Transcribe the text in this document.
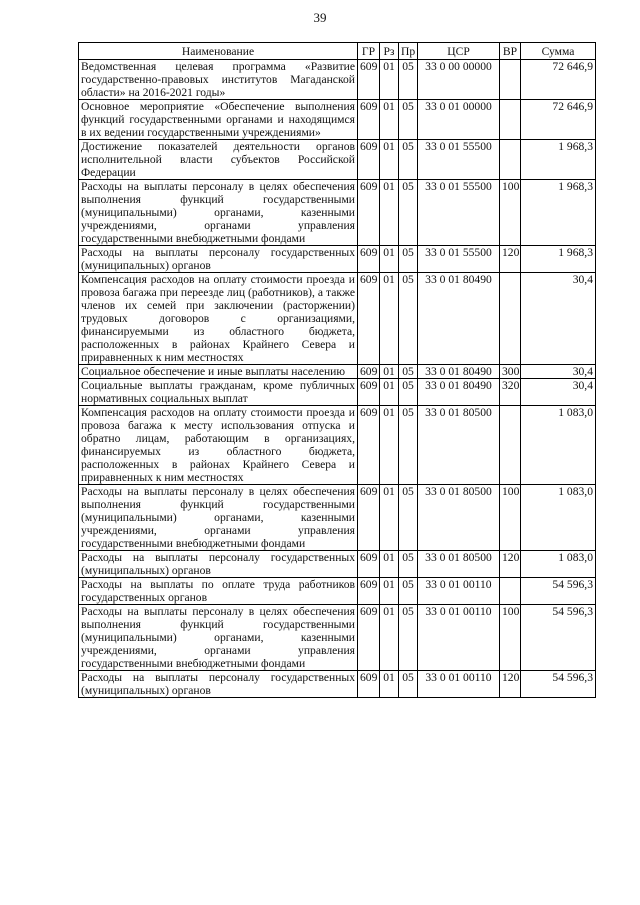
39
Наименование	ГР	Рз	Пр	ЦСР	ВР	Сумма
Ведомственная целевая программа «Развитие государственно-правовых институтов Магаданской области» на 2016-2021 годы»	609	01	05	33 0 00 00000		72 646,9
Основное мероприятие «Обеспечение выполнения функций государственными органами и находящимся в их ведении государственными учреждениями»	609	01	05	33 0 01 00000		72 646,9
Достижение показателей деятельности органов исполнительной власти субъектов Российской Федерации	609	01	05	33 0 01 55500		1 968,3
Расходы на выплаты персоналу в целях обеспечения выполнения функций государственными (муниципальными) органами, казенными учреждениями, органами управления государственными внебюджетными фондами	609	01	05	33 0 01 55500	100	1 968,3
Расходы на выплаты персоналу государственных (муниципальных) органов	609	01	05	33 0 01 55500	120	1 968,3
Компенсация расходов на оплату стоимости проезда и провоза багажа при переезде лиц (работников), а также членов их семей при заключении (расторжении) трудовых договоров с организациями, финансируемыми из областного бюджета, расположенных в районах Крайнего Севера и приравненных к ним местностях	609	01	05	33 0 01 80490		30,4
Социальное обеспечение и иные выплаты населению	609	01	05	33 0 01 80490	300	30,4
Социальные выплаты гражданам, кроме публичных нормативных социальных выплат	609	01	05	33 0 01 80490	320	30,4
Компенсация расходов на оплату стоимости проезда и провоза багажа к месту использования отпуска и обратно лицам, работающим в организациях, финансируемых из областного бюджета, расположенных в районах Крайнего Севера и приравненных к ним местностях	609	01	05	33 0 01 80500		1 083,0
Расходы на выплаты персоналу в целях обеспечения выполнения функций государственными (муниципальными) органами, казенными учреждениями, органами управления государственными внебюджетными фондами	609	01	05	33 0 01 80500	100	1 083,0
Расходы на выплаты персоналу государственных (муниципальных) органов	609	01	05	33 0 01 80500	120	1 083,0
Расходы на выплаты по оплате труда работников государственных органов	609	01	05	33 0 01 00110		54 596,3
Расходы на выплаты персоналу в целях обеспечения выполнения функций государственными (муниципальными) органами, казенными учреждениями, органами управления государственными внебюджетными фондами	609	01	05	33 0 01 00110	100	54 596,3
Расходы на выплаты персоналу государственных (муниципальных) органов	609	01	05	33 0 01 00110	120	54 596,3
